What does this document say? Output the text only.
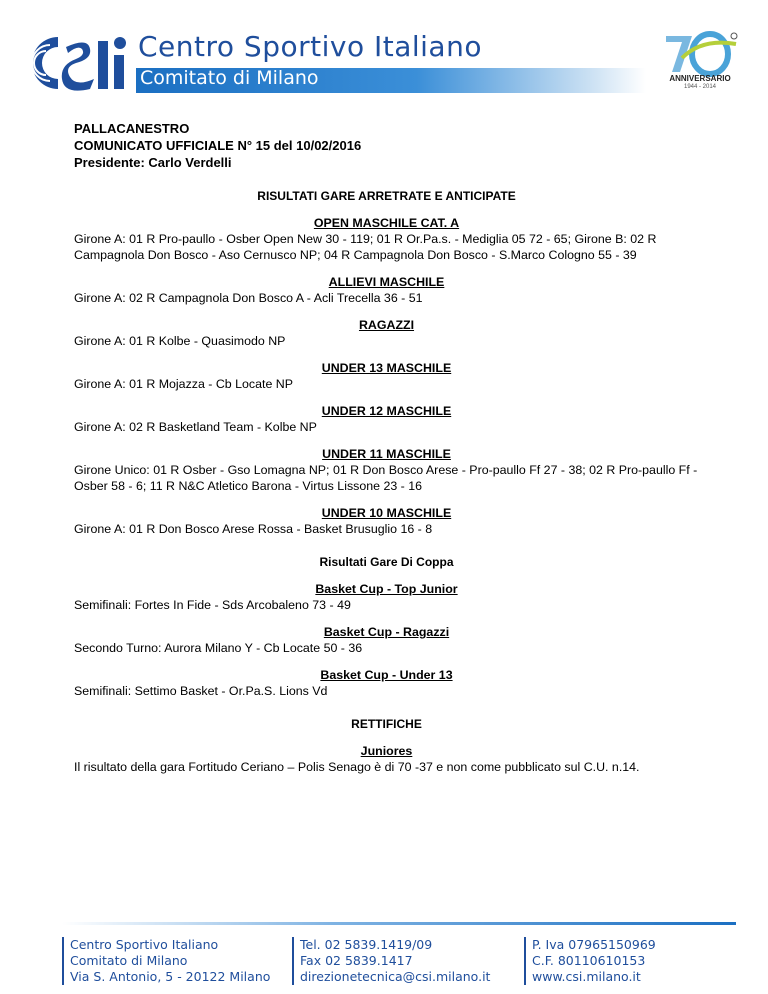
Centro Sportivo Italiano
Comitato di Milano	ANNIVERSARIO
1944 - 2014
PALLACANESTRO
COMUNICATO UFFICIALE N° 15 del 10/02/2016
Presidente: Carlo Verdelli
RISULTATI GARE ARRETRATE E ANTICIPATE
OPEN MASCHILE CAT. A

Girone A: 01 R Pro-paullo - Osber Open New 30 - 119; 01 R Or.Pa.s. - Mediglia 05 72 - 65; Girone B: 02 R Campagnola Don Bosco - Aso Cernusco NP; 04 R Campagnola Don Bosco - S.Marco Cologno 55 - 39

ALLIEVI MASCHILE

Girone A: 02 R Campagnola Don Bosco A - Acli Trecella 36 - 51

RAGAZZI

Girone A: 01 R Kolbe - Quasimodo NP

UNDER 13 MASCHILE

Girone A: 01 R Mojazza - Cb Locate NP

UNDER 12 MASCHILE

Girone A: 02 R Basketland Team - Kolbe NP

UNDER 11 MASCHILE

Girone Unico: 01 R Osber - Gso Lomagna NP; 01 R Don Bosco Arese - Pro-paullo Ff 27 - 38; 02 R Pro-paullo Ff - Osber 58 - 6; 11 R N&C Atletico Barona - Virtus Lissone 23 - 16

UNDER 10 MASCHILE

Girone A: 01 R Don Bosco Arese Rossa - Basket Brusuglio 16 - 8

Risultati Gare Di Coppa
Basket Cup - Top Junior

Semifinali: Fortes In Fide - Sds Arcobaleno 73 - 49

Basket Cup - Ragazzi

Secondo Turno: Aurora Milano Y - Cb Locate 50 - 36

Basket Cup - Under 13

Semifinali: Settimo Basket - Or.Pa.S. Lions Vd

RETTIFICHE
Juniores

Il risultato della gara Fortitudo Ceriano – Polis Senago è di 70 -37 e non come pubblicato sul C.U. n.14.

Centro Sportivo Italiano
Comitato di Milano
Via S. Antonio, 5 - 20122 Milano
Tel. 02 5839.1419/09
Fax 02 5839.1417
direzionetecnica@csi.milano.it
P. Iva 07965150969
C.F. 80110610153
www.csi.milano.it
